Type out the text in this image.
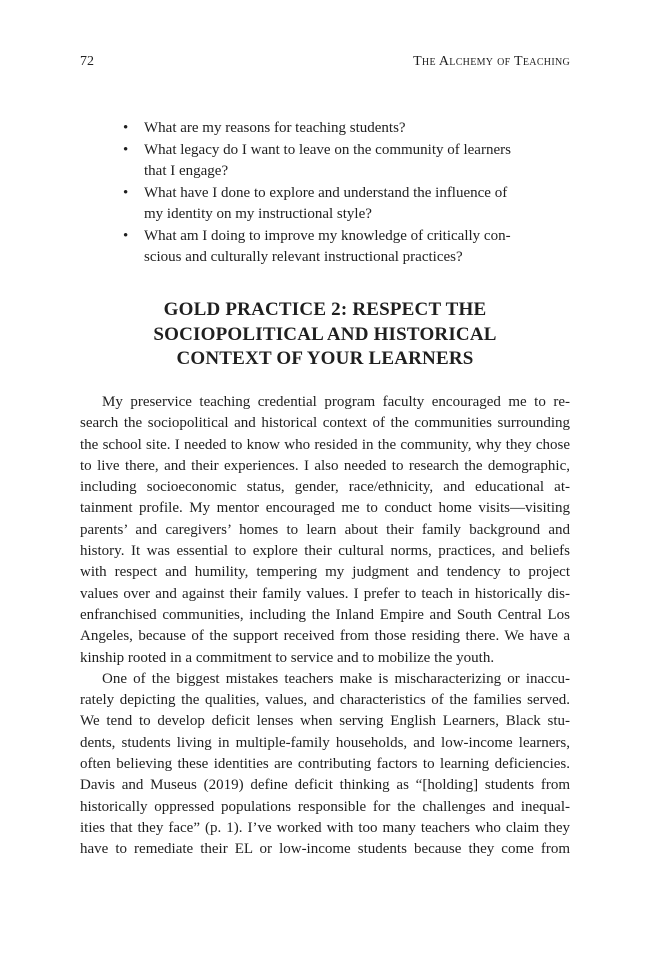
72	The Alchemy of Teaching
• What are my reasons for teaching students?
• What legacy do I want to leave on the community of learners
that I engage?
• What have I done to explore and understand the influence of
my identity on my instructional style?
• What am I doing to improve my knowledge of critically con-
scious and culturally relevant instructional practices?
GOLD PRACTICE 2: RESPECT THE
SOCIOPOLITICAL AND HISTORICAL
CONTEXT OF YOUR LEARNERS

My preservice teaching credential program faculty encouraged me to re-
search the sociopolitical and historical context of the communities surrounding
the school site. I needed to know who resided in the community, why they chose
to live there, and their experiences. I also needed to research the demographic,
including socioeconomic status, gender, race/ethnicity, and educational at-
tainment profile. My mentor encouraged me to conduct home visits—visiting
parents’ and caregivers’ homes to learn about their family background and
history. It was essential to explore their cultural norms, practices, and beliefs
with respect and humility, tempering my judgment and tendency to project
values over and against their family values. I prefer to teach in historically dis-
enfranchised communities, including the Inland Empire and South Central Los
Angeles, because of the support received from those residing there. We have a
kinship rooted in a commitment to service and to mobilize the youth.

One of the biggest mistakes teachers make is mischaracterizing or inaccu-
rately depicting the qualities, values, and characteristics of the families served.
We tend to develop deficit lenses when serving English Learners, Black stu-
dents, students living in multiple-family households, and low-income learners,
often believing these identities are contributing factors to learning deficiencies.
Davis and Museus (2019) define deficit thinking as “[holding] students from
historically oppressed populations responsible for the challenges and inequal-
ities that they face” (p. 1). I’ve worked with too many teachers who claim they
have to remediate their EL or low-income students because they come from
